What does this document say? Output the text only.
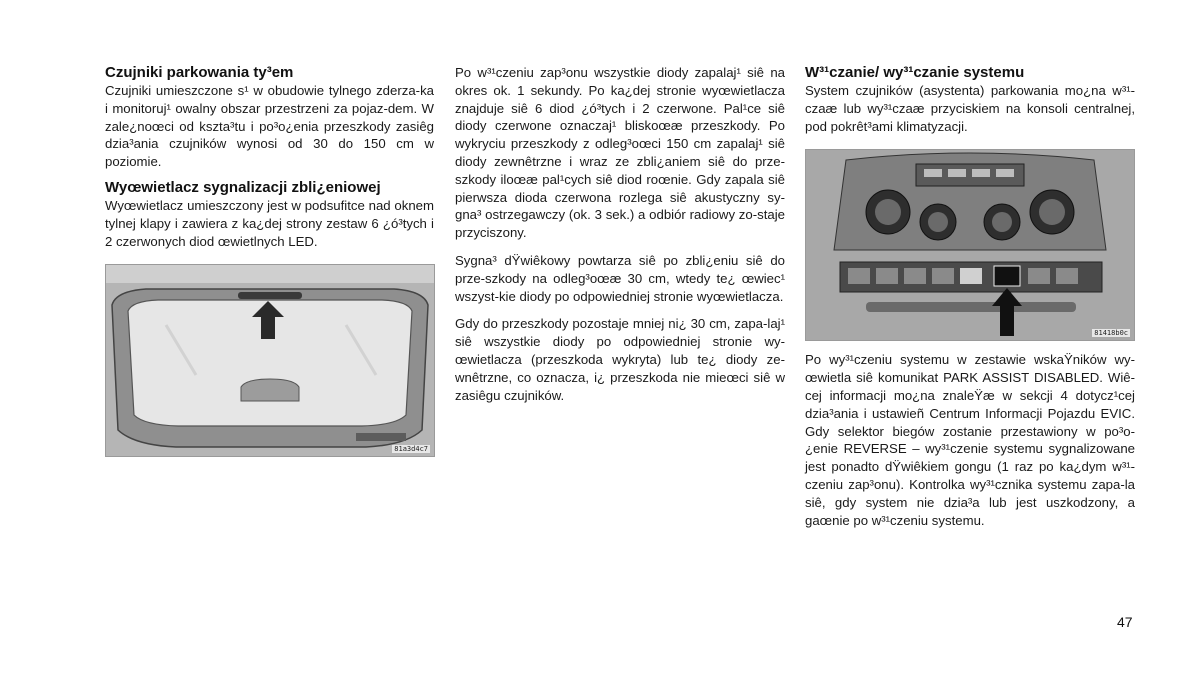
Czujniki parkowania ty³em

Czujniki umieszczone s¹ w obudowie tylnego zderza-ka i monitoruj¹ owalny obszar przestrzeni za pojaz-dem. W zale¿noœci od kszta³tu i po³o¿enia przeszkody zasiêg dzia³ania czujników wynosi od 30 do 150 cm w poziomie.

Wyœwietlacz sygnalizacji zbli¿eniowej

Wyœwietlacz umieszczony jest w podsufitce nad oknem tylnej klapy i zawiera z ka¿dej strony zestaw 6 ¿ó³tych i 2 czerwonych diod œwietlnych LED.

81a3d4c7

Po w³¹czeniu zap³onu wszystkie diody zapalaj¹ siê na okres ok. 1 sekundy. Po ka¿dej stronie wyœwietlacza znajduje siê 6 diod ¿ó³tych i 2 czerwone. Pal¹ce siê diody czerwone oznaczaj¹ bliskoœæ przeszkody. Po wykryciu przeszkody z odleg³oœci 150 cm zapalaj¹ siê diody zewnêtrzne i wraz ze zbli¿aniem siê do prze-szkody iloœæ pal¹cych siê diod roœnie. Gdy zapala siê pierwsza dioda czerwona rozlega siê akustyczny sy-gna³ ostrzegawczy (ok. 3 sek.) a odbiór radiowy zo-staje przyciszony.

Sygna³ dŸwiêkowy powtarza siê po zbli¿eniu siê do prze-szkody na odleg³oœæ 30 cm, wtedy te¿ œwiec¹ wszyst-kie diody po odpowiedniej stronie wyœwietlacza.

Gdy do przeszkody pozostaje mniej ni¿ 30 cm, zapa-laj¹ siê wszystkie diody po odpowiedniej stronie wy-œwietlacza (przeszkoda wykryta) lub te¿ diody ze-wnêtrzne, co oznacza, i¿ przeszkoda nie mieœci siê w zasiêgu czujników.

W³¹czanie/ wy³¹czanie systemu

System czujników (asystenta) parkowania mo¿na w³¹-czaæ lub wy³¹czaæ przyciskiem na konsoli centralnej, pod pokrêt³ami klimatyzacji.

81418b0c

Po wy³¹czeniu systemu w zestawie wskaŸników wy-œwietla siê komunikat PARK ASSIST DISABLED. Wiê-cej informacji mo¿na znaleŸæ w sekcji 4 dotycz¹cej dzia³ania i ustawieñ Centrum Informacji Pojazdu EVIC. Gdy selektor biegów zostanie przestawiony w po³o-¿enie REVERSE – wy³¹czenie systemu sygnalizowane jest ponadto dŸwiêkiem gongu (1 raz po ka¿dym w³¹-czeniu zap³onu). Kontrolka wy³¹cznika systemu zapa-la siê, gdy system nie dzia³a lub jest uszkodzony, a gaœnie po w³¹czeniu systemu.

47
